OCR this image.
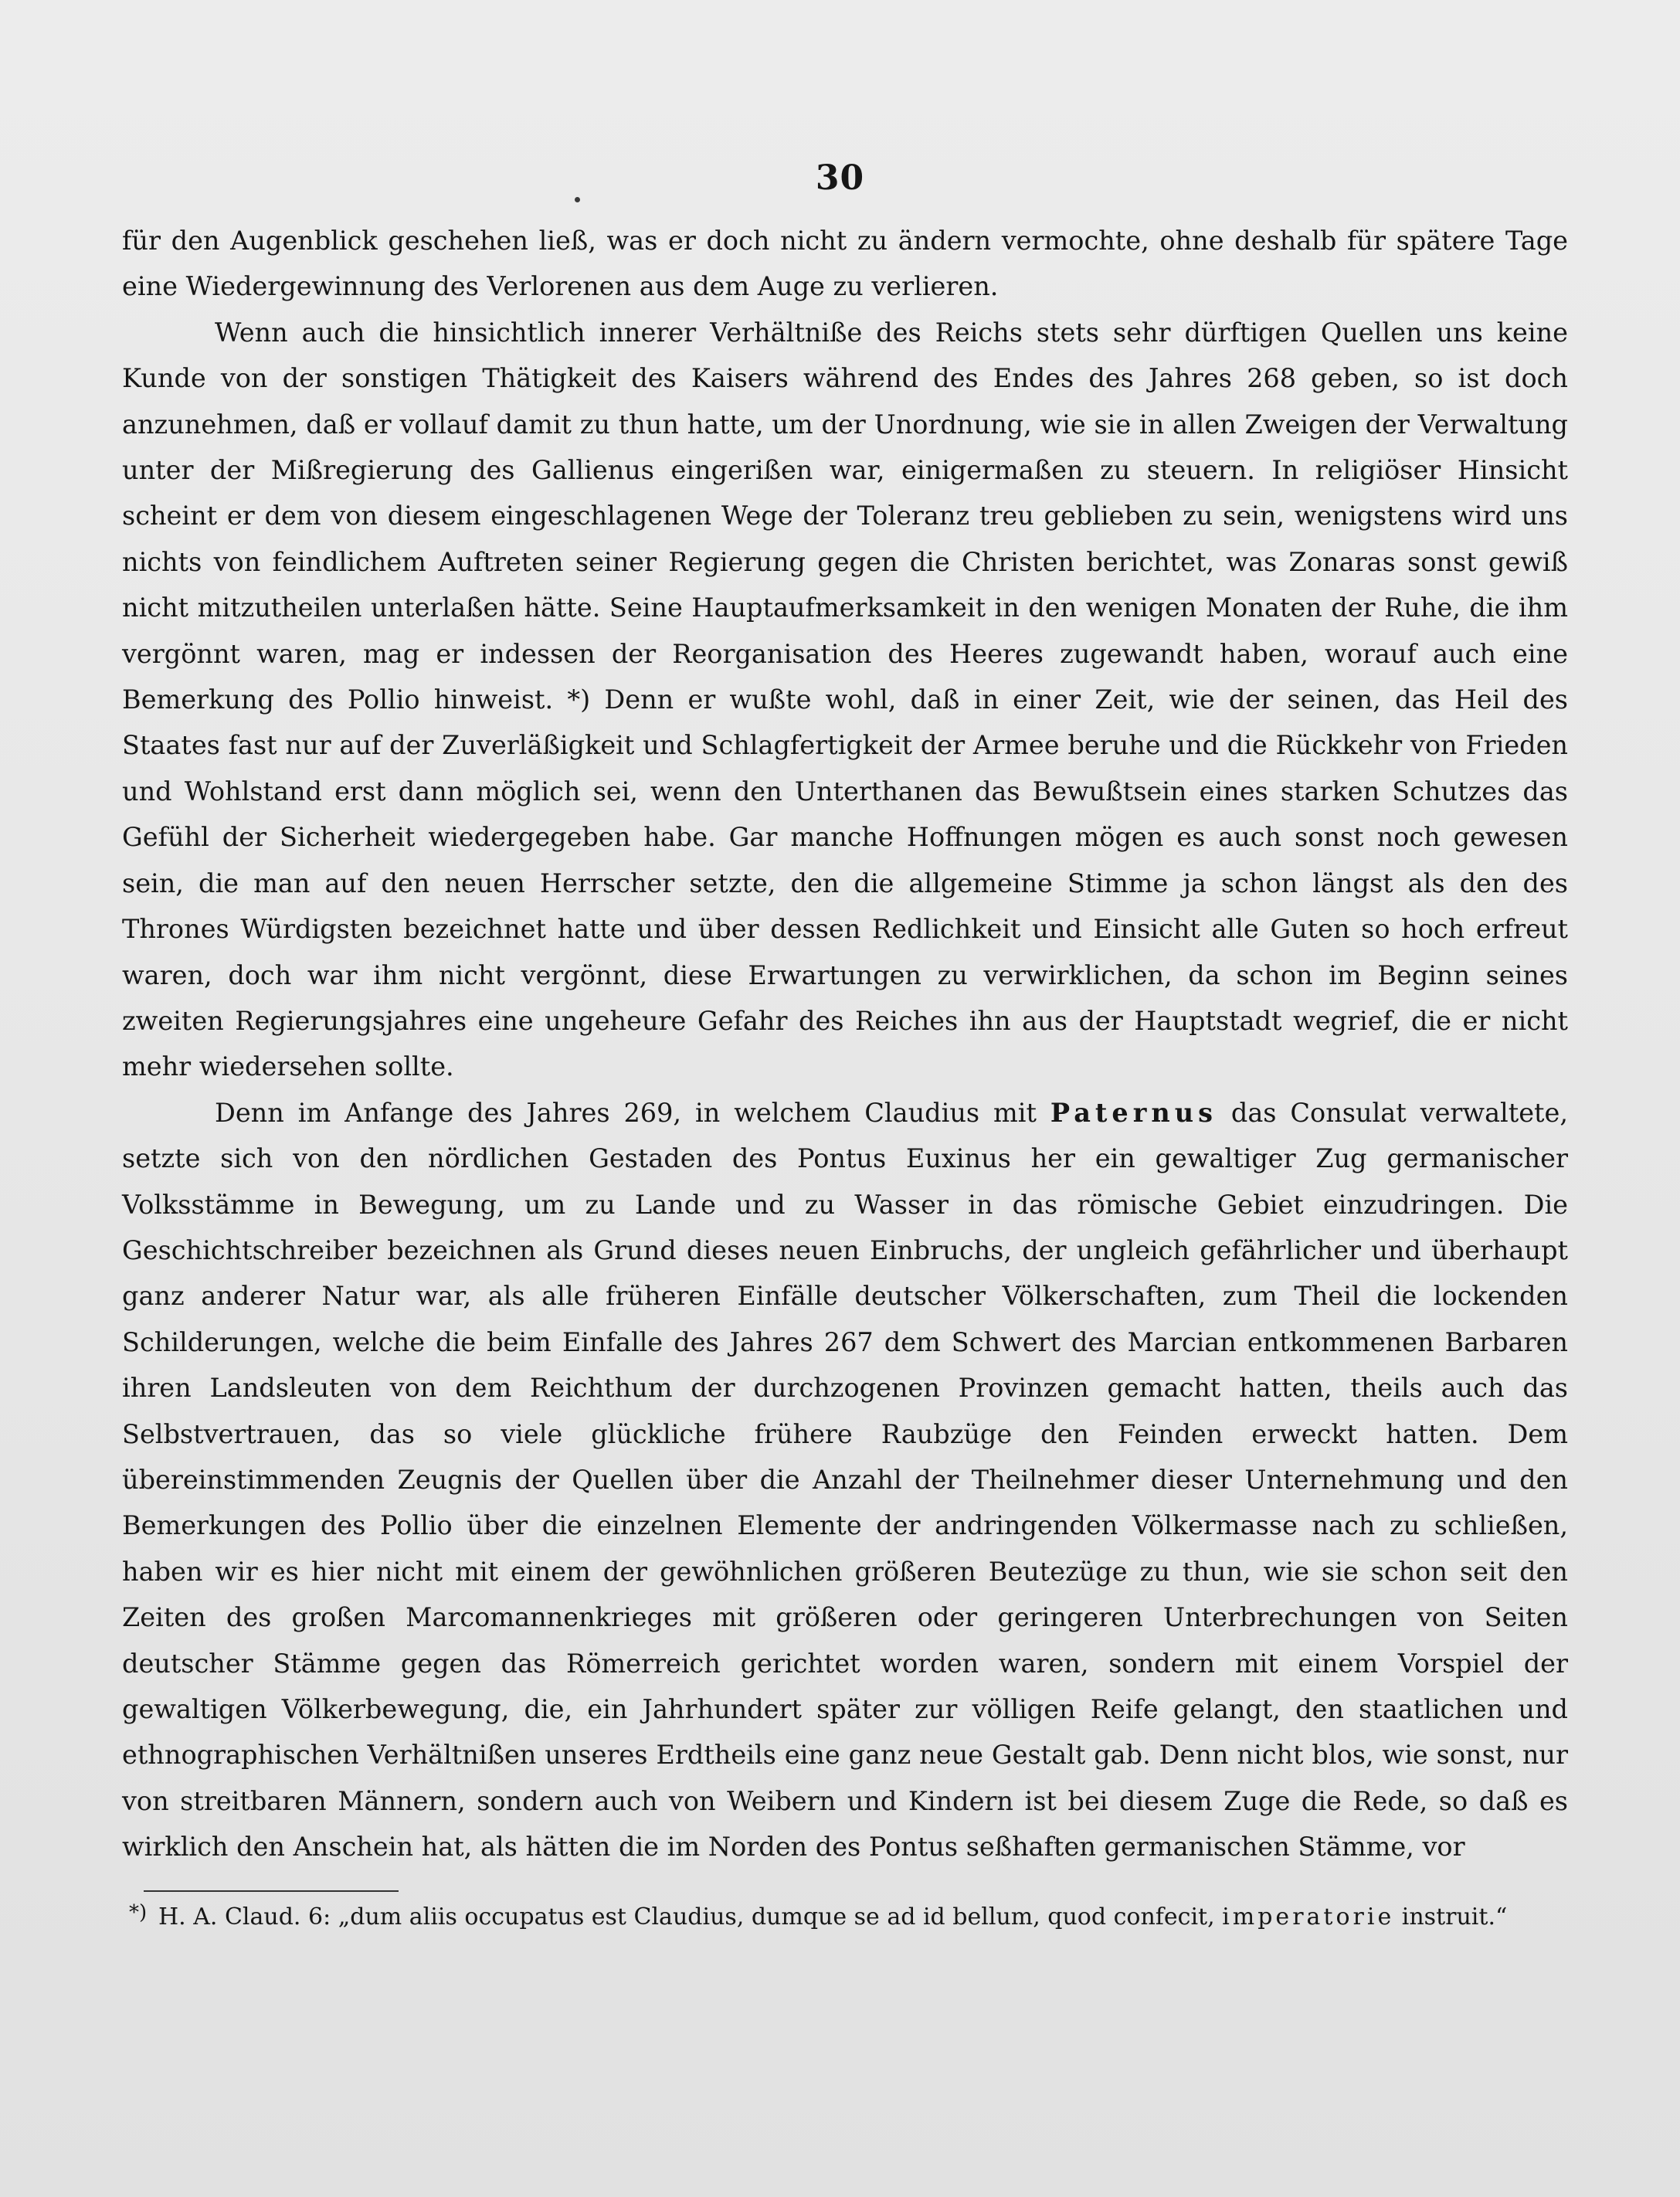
30

für den Augenblick geschehen ließ, was er doch nicht zu ändern vermochte, ohne deshalb für spätere Tage eine Wiedergewinnung des Verlorenen aus dem Auge zu verlieren.

Wenn auch die hinsichtlich innerer Verhältniße des Reichs stets sehr dürftigen Quellen uns keine Kunde von der sonstigen Thätigkeit des Kaisers während des Endes des Jahres 268 geben, so ist doch anzunehmen, daß er vollauf damit zu thun hatte, um der Unordnung, wie sie in allen Zweigen der Verwaltung unter der Mißregierung des Gallienus eingerißen war, einigermaßen zu steuern. In religiöser Hinsicht scheint er dem von diesem eingeschlagenen Wege der Toleranz treu geblieben zu sein, wenigstens wird uns nichts von feindlichem Auftreten seiner Regierung gegen die Christen berichtet, was Zonaras sonst gewiß nicht mitzutheilen unterlaßen hätte. Seine Hauptaufmerksamkeit in den wenigen Monaten der Ruhe, die ihm vergönnt waren, mag er indessen der Reorganisation des Heeres zugewandt haben, worauf auch eine Bemerkung des Pollio hinweist. *) Denn er wußte wohl, daß in einer Zeit, wie der seinen, das Heil des Staates fast nur auf der Zuverläßigkeit und Schlagfertigkeit der Armee beruhe und die Rückkehr von Frieden und Wohlstand erst dann möglich sei, wenn den Unterthanen das Bewußtsein eines starken Schutzes das Gefühl der Sicherheit wiedergegeben habe. Gar manche Hoffnungen mögen es auch sonst noch gewesen sein, die man auf den neuen Herrscher setzte, den die allgemeine Stimme ja schon längst als den des Thrones Würdigsten bezeichnet hatte und über dessen Redlichkeit und Einsicht alle Guten so hoch erfreut waren, doch war ihm nicht vergönnt, diese Erwartungen zu verwirklichen, da schon im Beginn seines zweiten Regierungsjahres eine ungeheure Gefahr des Reiches ihn aus der Hauptstadt wegrief, die er nicht mehr wiedersehen sollte.

Denn im Anfange des Jahres 269, in welchem Claudius mit Paternus das Consulat verwaltete, setzte sich von den nördlichen Gestaden des Pontus Euxinus her ein gewaltiger Zug germanischer Volksstämme in Bewegung, um zu Lande und zu Wasser in das römische Gebiet einzudringen. Die Geschichtschreiber bezeichnen als Grund dieses neuen Einbruchs, der ungleich gefährlicher und überhaupt ganz anderer Natur war, als alle früheren Einfälle deutscher Völkerschaften, zum Theil die lockenden Schilderungen, welche die beim Einfalle des Jahres 267 dem Schwert des Marcian entkommenen Barbaren ihren Landsleuten von dem Reichthum der durchzogenen Provinzen gemacht hatten, theils auch das Selbstvertrauen, das so viele glückliche frühere Raubzüge den Feinden erweckt hatten. Dem übereinstimmenden Zeugnis der Quellen über die Anzahl der Theilnehmer dieser Unternehmung und den Bemerkungen des Pollio über die einzelnen Elemente der andringenden Völkermasse nach zu schließen, haben wir es hier nicht mit einem der gewöhnlichen größeren Beutezüge zu thun, wie sie schon seit den Zeiten des großen Marcomannenkrieges mit größeren oder geringeren Unterbrechungen von Seiten deutscher Stämme gegen das Römerreich gerichtet worden waren, sondern mit einem Vorspiel der gewaltigen Völkerbewegung, die, ein Jahrhundert später zur völligen Reife gelangt, den staatlichen und ethnographischen Verhältnißen unseres Erdtheils eine ganz neue Gestalt gab. Denn nicht blos, wie sonst, nur von streitbaren Männern, sondern auch von Weibern und Kindern ist bei diesem Zuge die Rede, so daß es wirklich den Anschein hat, als hätten die im Norden des Pontus seßhaften germanischen Stämme, vor

*) H. A. Claud. 6: „dum aliis occupatus est Claudius, dumque se ad id bellum, quod confecit, imperatorie instruit.“
